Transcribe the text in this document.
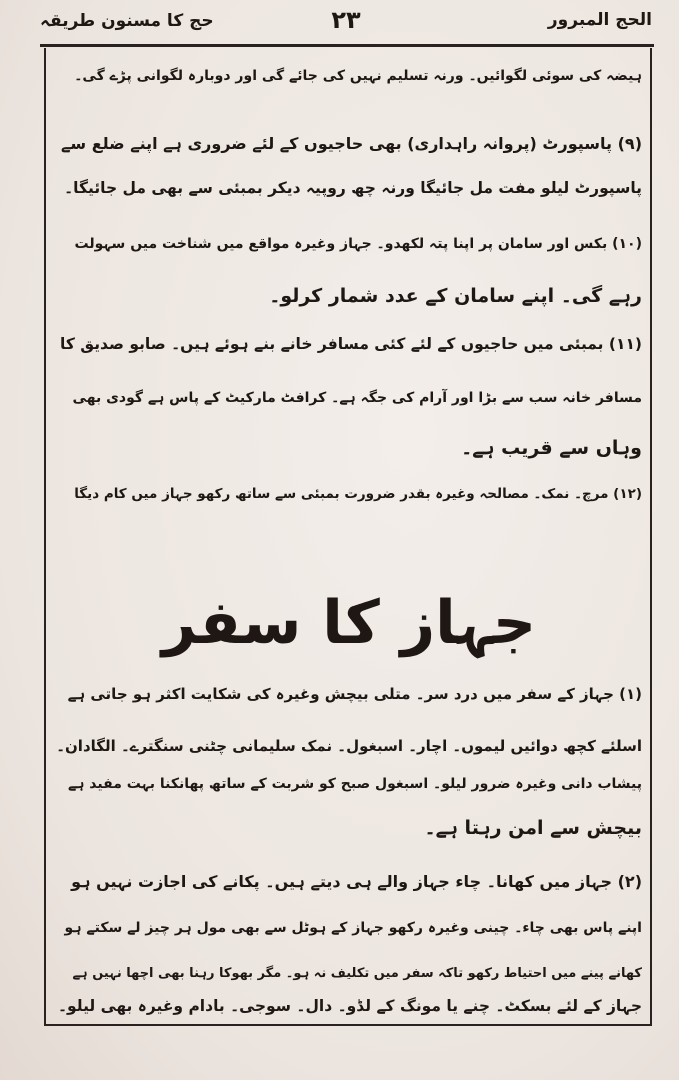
حج کا مسنون طریقہ	۲۳	الحج المبرور
ہیضہ کی سوئی لگوائیں۔ ورنہ تسلیم نہیں کی جائے گی اور دوبارہ لگوانی پڑے گی۔
(۹) پاسپورٹ (پروانہ راہداری) بھی حاجیوں کے لئے ضروری ہے اپنے ضلع سے
پاسپورٹ لیلو مفت مل جائیگا ورنہ چھ روپیہ دیکر بمبئی سے بھی مل جائیگا۔
(۱۰) بکس اور سامان پر اپنا پتہ لکھدو۔ جہاز وغیرہ مواقع میں شناخت میں سہولت
رہے گی۔ اپنے سامان کے عدد شمار کرلو۔
(۱۱) بمبئی میں حاجیوں کے لئے کئی مسافر خانے بنے ہوئے ہیں۔ صابو صدیق کا
مسافر خانہ سب سے بڑا اور آرام کی جگہ ہے۔ کرافٹ مارکیٹ کے پاس ہے گودی بھی
وہاں سے قریب ہے۔
(۱۲) مرچ۔ نمک۔ مصالحہ وغیرہ بقدر ضرورت بمبئی سے ساتھ رکھو جہاز میں کام دیگا
جہاز کا سفر
(۱) جہاز کے سفر میں درد سر۔ متلی بیچش وغیرہ کی شکایت اکثر ہو جاتی ہے
اسلئے کچھ دوائیں لیموں۔ اچار۔ اسبغول۔ نمک سلیمانی چٹنی سنگترے۔ الگادان۔
پیشاب دانی وغیرہ ضرور لیلو۔ اسبغول صبح کو شربت کے ساتھ پھانکنا بہت مفید ہے
بیچش سے امن رہتا ہے۔
(۲) جہاز میں کھانا۔ چاء جہاز والے ہی دیتے ہیں۔ پکانے کی اجازت نہیں ہو
اپنے پاس بھی چاء۔ چینی وغیرہ رکھو جہاز کے ہوٹل سے بھی مول ہر چیز لے سکتے ہو
کھانے پینے میں احتیاط رکھو تاکہ سفر میں تکلیف نہ ہو۔ مگر بھوکا رہنا بھی اچھا نہیں ہے
جہاز کے لئے بسکٹ۔ چنے یا مونگ کے لڈو۔ دال۔ سوجی۔ بادام وغیرہ بھی لیلو۔
